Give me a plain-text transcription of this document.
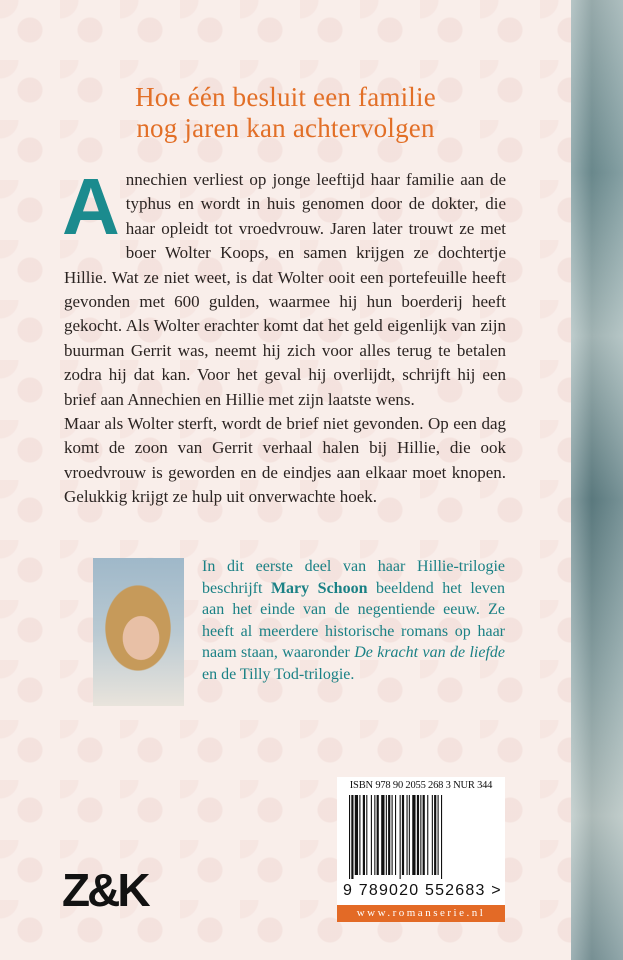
Hoe één besluit een familie
nog jaren kan achtervolgen

Annechien verliest op jonge leeftijd haar familie aan de typhus en wordt in huis genomen door de dokter, die haar opleidt tot vroedvrouw. Jaren later trouwt ze met boer Wolter Koops, en samen krijgen ze dochtertje Hillie. Wat ze niet weet, is dat Wolter ooit een portefeuille heeft gevonden met 600 gulden, waarmee hij hun boerderij heeft gekocht. Als Wolter erachter komt dat het geld eigenlijk van zijn buurman Gerrit was, neemt hij zich voor alles terug te betalen zodra hij dat kan. Voor het geval hij overlijdt, schrijft hij een brief aan Annechien en Hillie met zijn laatste wens.

Maar als Wolter sterft, wordt de brief niet gevonden. Op een dag komt de zoon van Gerrit verhaal halen bij Hillie, die ook vroedvrouw is geworden en de eindjes aan elkaar moet knopen. Gelukkig krijgt ze hulp uit onverwachte hoek.

In dit eerste deel van haar Hillie-trilogie beschrijft Mary Schoon beeldend het leven aan het einde van de negentiende eeuw. Ze heeft al meerdere historische romans op haar naam staan, waaronder De kracht van de liefde en de Tilly Tod-trilogie.
ISBN 978 90 2055 268 3 NUR 344
9 789020 552683 >
www.romanserie.nl
Z&K
